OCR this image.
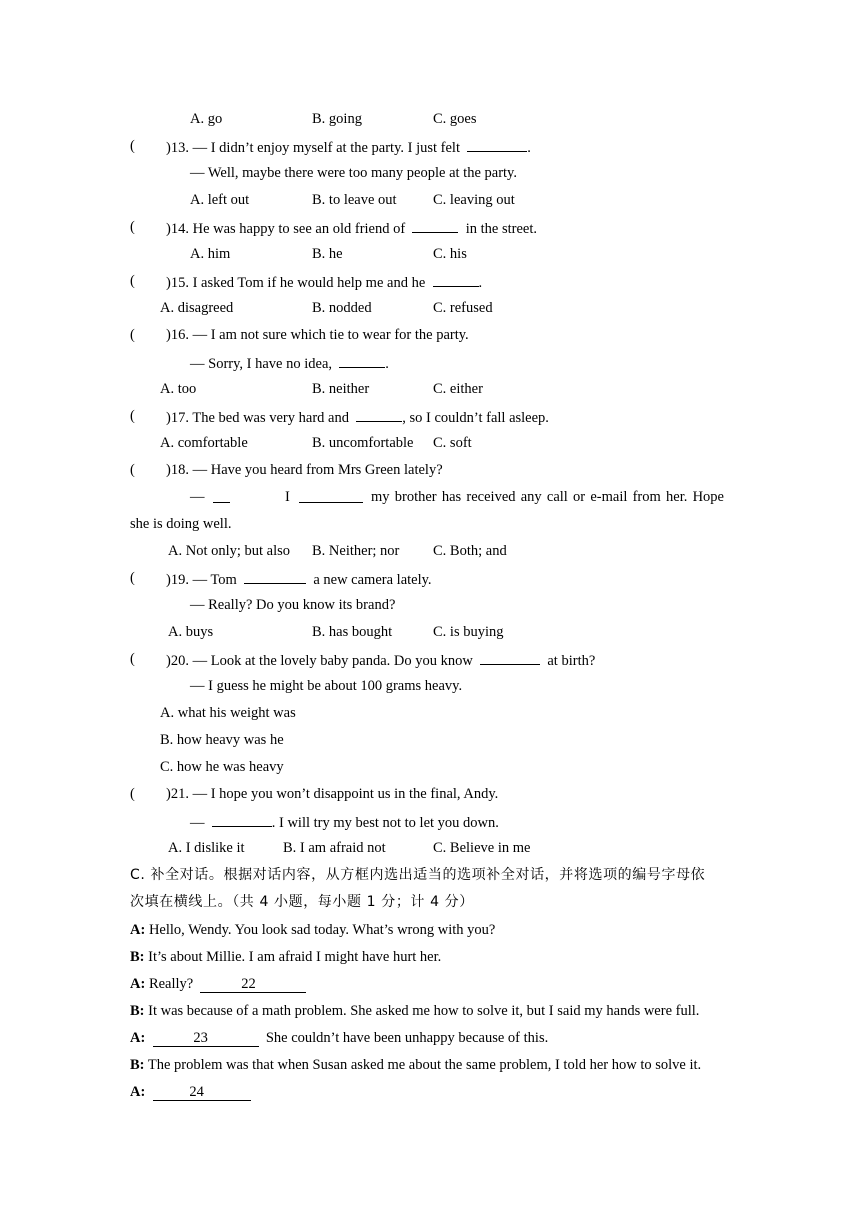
A. go	B. going	C. goes
( )13. — I didn’t enjoy myself at the party. I just felt	.
— Well, maybe there were too many people at the party.
A. left out	B. to leave out	C. leaving out
( )14. He was happy to see an old friend of	in the street.
A. him	B. he	C. his
( )15. I asked Tom if he would help me and he	.
A. disagreed	B. nodded	C. refused
( )16. — I am not sure which tie to wear for the party.
— Sorry, I have no idea,	.
A. too	B. neither	C. either
( )17. The bed was very hard and	, so I couldn’t fall asleep.
A. comfortable	B. uncomfortable C. soft
( )18. — Have you heard from Mrs Green lately?
—	I	my brother has received any call or e-mail from her. Hope
she is doing well.
A. Not only; but also B. Neither; nor C. Both; and
( )19. — Tom	a new camera lately.
— Really? Do you know its brand?
A. buys	B. has bought	C. is buying
( )20. — Look at the lovely baby panda. Do you know	at birth?
— I guess he might be about 100 grams heavy.
A. what his weight was
B. how heavy was he
C. how he was heavy
( )21. — I hope you won’t disappoint us in the final, Andy.
—	. I will try my best not to let you down.
A. I dislike it	B. I am afraid not	C. Believe in me
C. 补全对话。根据对话内容，从方框内选出适当的选项补全对话，并将选项的编号字母依
次填在横线上。（共 4 小题，每小题 1 分；计 4 分）
A: Hello, Wendy. You look sad today. What’s wrong with you?
B: It’s about Millie. I am afraid I might have hurt her.
A: Really?	22
B: It was because of a math problem. She asked me how to solve it, but I said my hands were full.
A:	23	She couldn’t have been unhappy because of this.
B: The problem was that when Susan asked me about the same problem, I told her how to solve it.
A:	24
